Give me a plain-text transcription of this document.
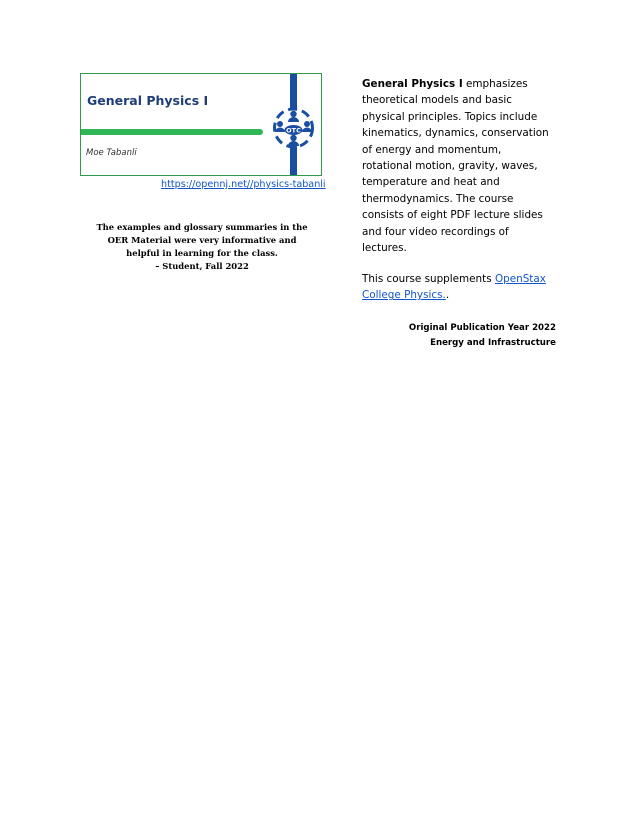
General Physics I
Moe Tabanli
OTC
https://opennj.net//physics-tabanli
The examples and glossary summaries in the
OER Material were very informative and
helpful in learning for the class.
– Student, Fall 2022
General Physics I emphasizes
theoretical models and basic
physical principles. Topics include
kinematics, dynamics, conservation
of energy and momentum,
rotational motion, gravity, waves,
temperature and heat and
thermodynamics. The course
consists of eight PDF lecture slides
and four video recordings of
lectures.
This course supplements OpenStax
College Physics..
Original Publication Year 2022
Energy and Infrastructure
